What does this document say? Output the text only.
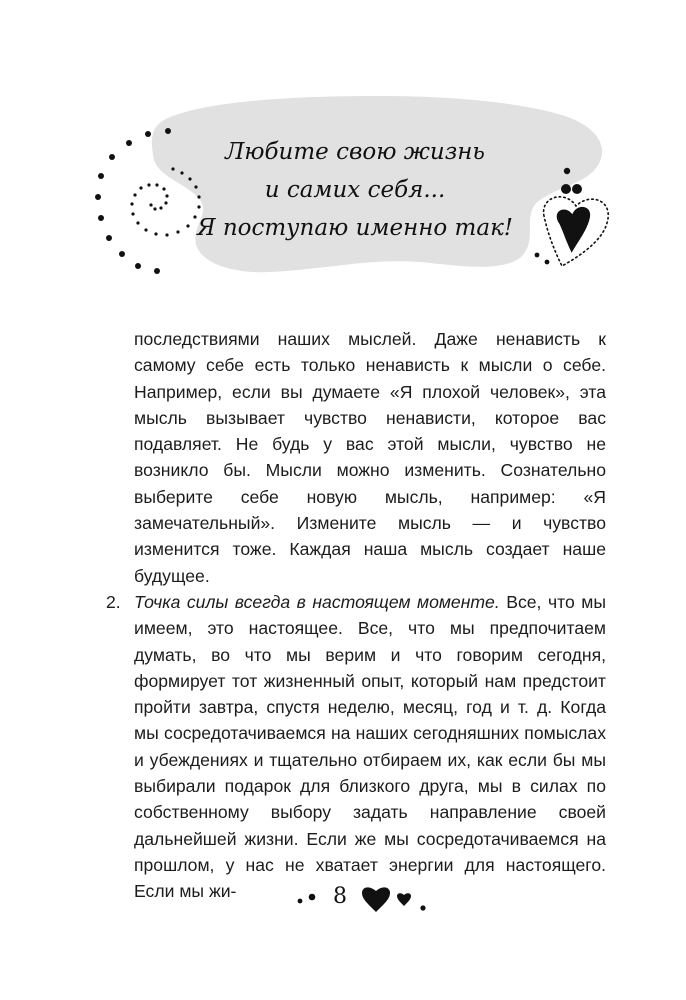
Любите свою жизнь
и самих себя...
Я поступаю именно так!

последствиями наших мыслей. Даже ненависть к самому себе есть только ненависть к мысли о себе. Например, если вы думаете «Я плохой человек», эта мысль вызывает чувство ненависти, которое вас подавляет. Не будь у вас этой мысли, чувство не возникло бы. Мысли можно изменить. Сознательно выберите себе новую мысль, например: «Я замечательный». Измените мысль — и чувство изменится тоже. Каждая наша мысль создает наше будущее.

2. Точка силы всегда в настоящем моменте. Все, что мы имеем, это настоящее. Все, что мы предпочитаем думать, во что мы верим и что говорим сегодня, формирует тот жизненный опыт, который нам предстоит пройти завтра, спустя неделю, месяц, год и т. д. Когда мы сосредотачиваемся на наших сегодняшних помыслах и убеждениях и тщательно отбираем их, как если бы мы выбирали подарок для близкого друга, мы в силах по собственному выбору задать направление своей дальнейшей жизни. Если же мы сосредотачиваемся на прошлом, у нас не хватает энергии для настоящего. Если мы жи-	8
